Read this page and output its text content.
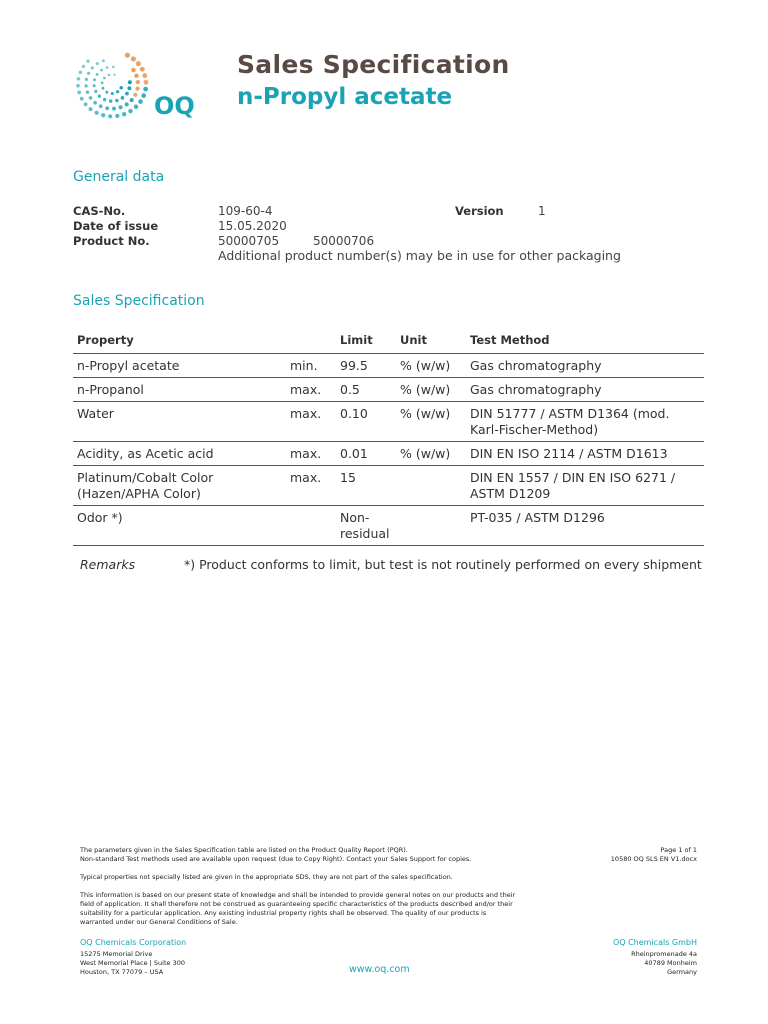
OQ
Sales Specification
n-Propyl acetate
General data
CAS-No.	109-60-4	Version	1
Date of issue	15.05.2020
Product No.	50000705	50000706
Additional product number(s) may be in use for other packaging
Sales Specification
Property		Limit	Unit	Test Method
n-Propyl acetate	min.	99.5	% (w/w)	Gas chromatography
n-Propanol	max.	0.5	% (w/w)	Gas chromatography
Water	max.	0.10	% (w/w)	DIN 51777 / ASTM D1364 (mod. Karl-Fischer-Method)
Acidity, as Acetic acid	max.	0.01	% (w/w)	DIN EN ISO 2114 / ASTM D1613
Platinum/Cobalt Color (Hazen/APHA Color)	max.	15		DIN EN 1557 / DIN EN ISO 6271 / ASTM D1209
Odor *)		Non-residual		PT-035 / ASTM D1296
Remarks	*) Product conforms to limit, but test is not routinely performed on every shipment
The parameters given in the Sales Specification table are listed on the Product Quality Report (PQR).
Non-standard Test methods used are available upon request (due to Copy Right). Contact your Sales Support for copies.
Typical properties not specially listed are given in the appropriate SDS, they are not part of the sales specification.
This information is based on our present state of knowledge and shall be intended to provide general notes on our products and their field of application. It shall therefore not be construed as guaranteeing specific characteristics of the products described and/or their suitability for a particular application. Any existing industrial property rights shall be observed. The quality of our products is warranted under our General Conditions of Sale.
Page 1 of 1
10580 OQ SLS EN V1.docx
OQ Chemicals Corporation
15275 Memorial Drive
West Memorial Place | Suite 300
Houston, TX 77079 – USA	www.oq.com
OQ Chemicals GmbH
Rheinpromenade 4a
40789 Monheim
Germany
